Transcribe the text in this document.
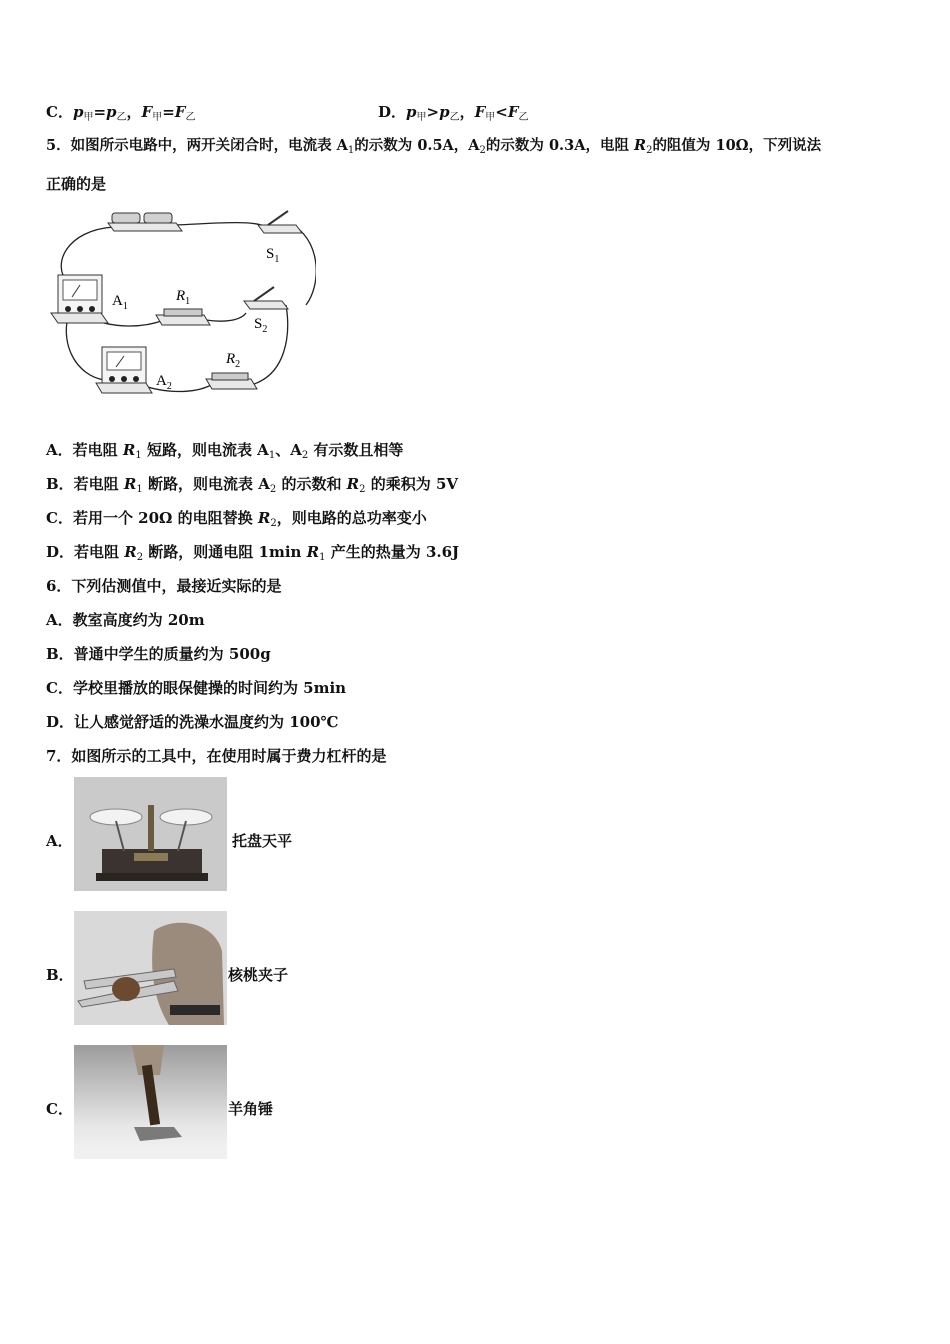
C．$p_甲=p_乙$，$F_甲=F_乙$	D．$p_甲>p_乙$，$F_甲<F_乙$
5．如图所示电路中，两开关闭合时，电流表 $A_1$的示数为 0.5A，$A_2$的示数为 0.3A，电阻 $R_2$的阻值为 10Ω，下列说法
正确的是
$S_1$
$A_1$
$R_1$
$S_2$
$A_2$
$R_2$
A．若电阻 $R_1$ 短路，则电流表 $A_1$、$A_2$ 有示数且相等
B．若电阻 $R_1$ 断路，则电流表 $A_2$ 的示数和 $R_2$ 的乘积为 5V
C．若用一个 20Ω 的电阻替换 $R_2$，则电路的总功率变小
D．若电阻 $R_2$ 断路，则通电阻 1min $R_1$ 产生的热量为 3.6J
6．下列估测值中，最接近实际的是
A．教室高度约为 20m
B．普通中学生的质量约为 500g
C．学校里播放的眼保健操的时间约为 5min
D．让人感觉舒适的洗澡水温度约为 100℃
7．如图所示的工具中，在使用时属于费力杠杆的是
A．	托盘天平
B．	核桃夹子
C．	羊角锤
